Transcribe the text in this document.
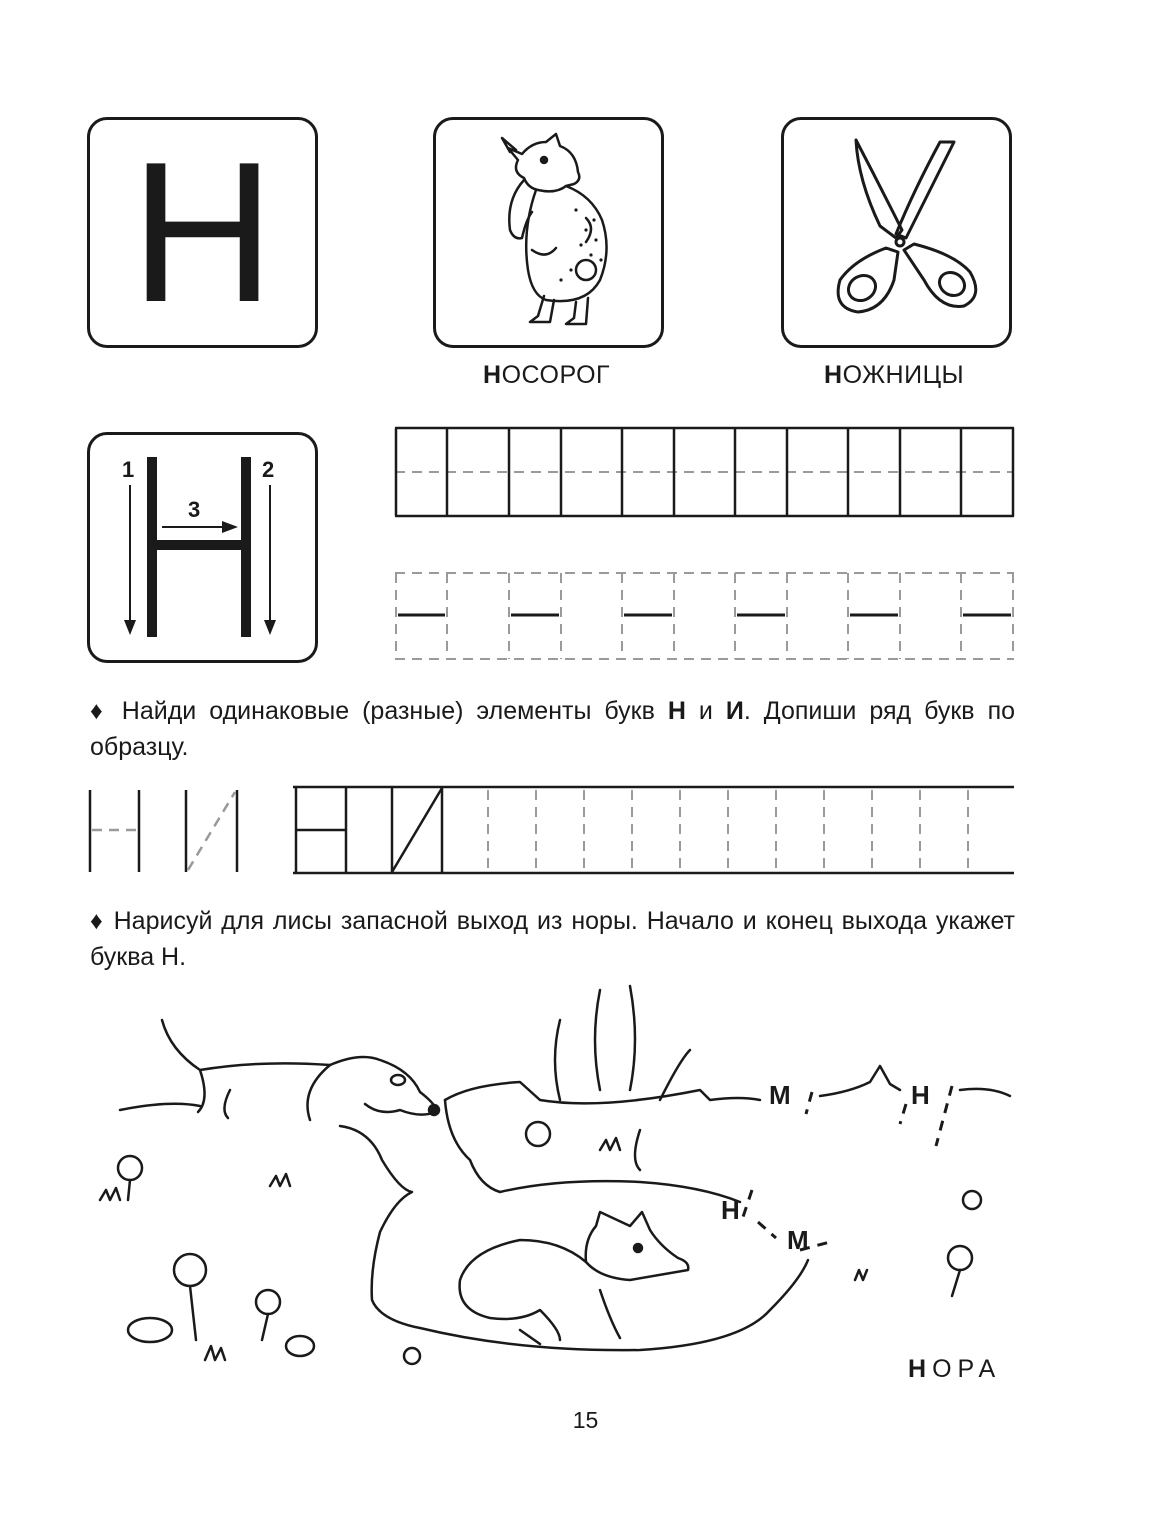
Н
НОСОРОГ	НОЖНИЦЫ
1	2
3
♦ Найди одинаковые (разные) элементы букв Н и И. Допиши ряд букв по образцу.
♦ Нарисуй для лисы запасной выход из норы. Начало и конец выхода укажет буква Н.
М	Н
Н
М
НОРА
15
